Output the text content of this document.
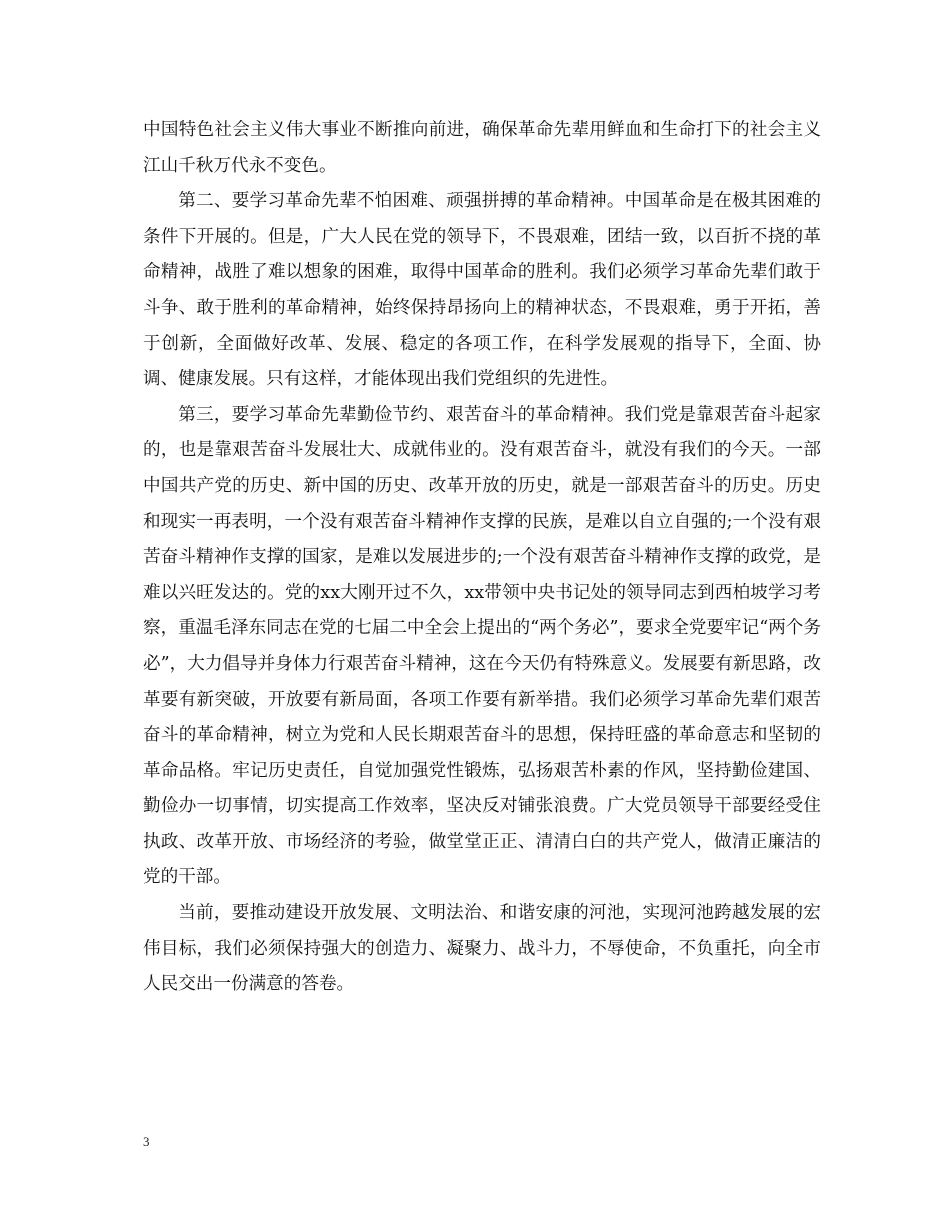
中国特色社会主义伟大事业不断推向前进，确保革命先辈用鲜血和生命打下的社会主义江山千秋万代永不变色。

第二、要学习革命先辈不怕困难、顽强拼搏的革命精神。中国革命是在极其困难的条件下开展的。但是，广大人民在党的领导下，不畏艰难，团结一致，以百折不挠的革命精神，战胜了难以想象的困难，取得中国革命的胜利。我们必须学习革命先辈们敢于斗争、敢于胜利的革命精神，始终保持昂扬向上的精神状态，不畏艰难，勇于开拓，善于创新，全面做好改革、发展、稳定的各项工作，在科学发展观的指导下，全面、协调、健康发展。只有这样，才能体现出我们党组织的先进性。

第三，要学习革命先辈勤俭节约、艰苦奋斗的革命精神。我们党是靠艰苦奋斗起家的，也是靠艰苦奋斗发展壮大、成就伟业的。没有艰苦奋斗，就没有我们的今天。一部中国共产党的历史、新中国的历史、改革开放的历史，就是一部艰苦奋斗的历史。历史和现实一再表明，一个没有艰苦奋斗精神作支撑的民族，是难以自立自强的;一个没有艰苦奋斗精神作支撑的国家，是难以发展进步的;一个没有艰苦奋斗精神作支撑的政党，是难以兴旺发达的。党的xx大刚开过不久，xx带领中央书记处的领导同志到西柏坡学习考察，重温毛泽东同志在党的七届二中全会上提出的“两个务必”，要求全党要牢记“两个务必”，大力倡导并身体力行艰苦奋斗精神，这在今天仍有特殊意义。发展要有新思路，改革要有新突破，开放要有新局面，各项工作要有新举措。我们必须学习革命先辈们艰苦奋斗的革命精神，树立为党和人民长期艰苦奋斗的思想，保持旺盛的革命意志和坚韧的革命品格。牢记历史责任，自觉加强党性锻炼，弘扬艰苦朴素的作风，坚持勤俭建国、勤俭办一切事情，切实提高工作效率，坚决反对铺张浪费。广大党员领导干部要经受住执政、改革开放、市场经济的考验，做堂堂正正、清清白白的共产党人，做清正廉洁的党的干部。

当前，要推动建设开放发展、文明法治、和谐安康的河池，实现河池跨越发展的宏伟目标，我们必须保持强大的创造力、凝聚力、战斗力，不辱使命，不负重托，向全市人民交出一份满意的答卷。

3
